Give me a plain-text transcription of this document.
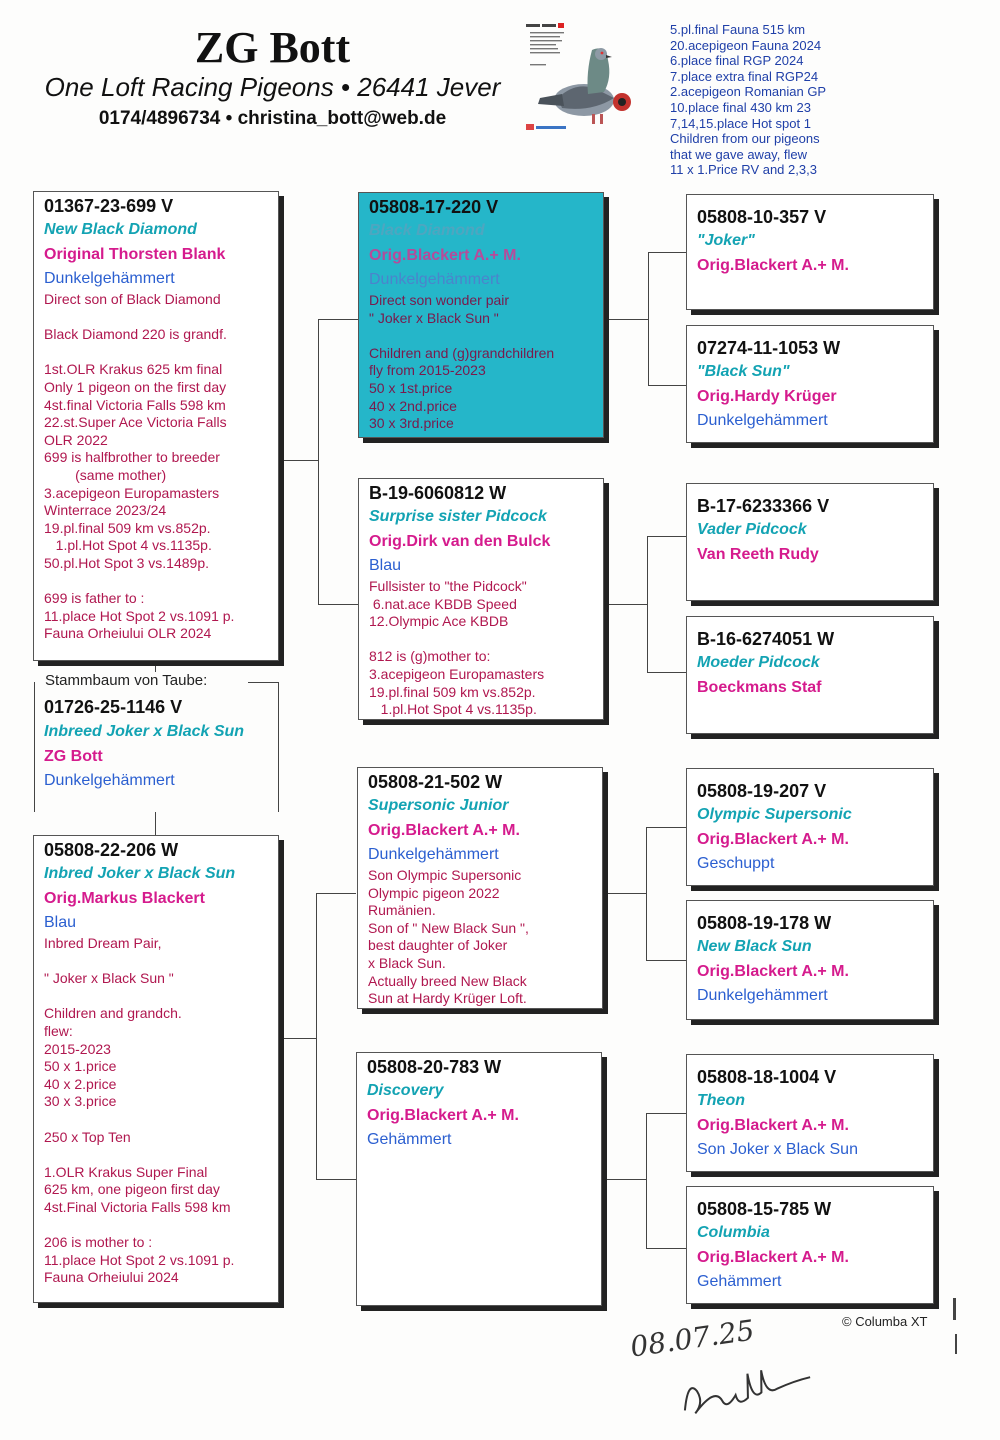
ZG Bott
One Loft Racing Pigeons • 26441 Jever
0174/4896734 • christina_bott@web.de
5.pl.final Fauna 515 km
20.acepigeon Fauna 2024
6.place final RGP 2024
7.place extra final RGP24
2.acepigeon Romanian GP
10.place final 430 km 23
7,14,15.place Hot spot 1
Children from our pigeons
that we gave away, flew
11 x 1.Price RV and 2,3,3
01367-23-699 V
New Black Diamond
Original Thorsten Blank
Dunkelgehämmert
Direct son of Black Diamond

Black Diamond 220 is grandf.

1st.OLR Krakus 625 km final
Only 1 pigeon on the first day
4st.final Victoria Falls 598 km
22.st.Super Ace Victoria Falls
OLR 2022
699 is halfbrother to breeder
(same mother)
3.acepigeon Europamasters
Winterrace 2023/24
19.pl.final 509 km vs.852p.
1.pl.Hot Spot 4 vs.1135p.
50.pl.Hot Spot 3 vs.1489p.

699 is father to :
11.place Hot Spot 2 vs.1091 p.
Fauna Orheiului OLR 2024
Stammbaum von Taube:
01726-25-1146 V
Inbreed Joker x Black Sun
ZG Bott
Dunkelgehämmert
05808-22-206 W
Inbred Joker x Black Sun
Orig.Markus Blackert
Blau
Inbred Dream Pair,

" Joker x Black Sun "

Children and grandch.
flew:
2015-2023
50 x 1.price
40 x 2.price
30 x 3.price

250 x Top Ten

1.OLR Krakus Super Final
625 km, one pigeon first day
4st.Final Victoria Falls 598 km

206 is mother to :
11.place Hot Spot 2 vs.1091 p.
Fauna Orheiului 2024
05808-17-220 V
Black Diamond
Orig.Blackert A.+ M.
Dunkelgehämmert
Direct son wonder pair
" Joker x Black Sun "

Children and (g)grandchildren
fly from 2015-2023
50 x 1st.price
40 x 2nd.price
30 x 3rd.price
B-19-6060812 W
Surprise sister Pidcock
Orig.Dirk van den Bulck
Blau
Fullsister to "the Pidcock"
6.nat.ace KBDB Speed
12.Olympic Ace KBDB

812 is (g)mother to:
3.acepigeon Europamasters
19.pl.final 509 km vs.852p.
1.pl.Hot Spot 4 vs.1135p.
05808-21-502 W
Supersonic Junior
Orig.Blackert A.+ M.
Dunkelgehämmert
Son Olympic Supersonic
Olympic pigeon 2022
Rumänien.
Son of " New Black Sun ",
best daughter of Joker
x Black Sun.
Actually breed New Black
Sun at Hardy Krüger Loft.
05808-20-783 W
Discovery
Orig.Blackert A.+ M.
Gehämmert
05808-10-357 V
"Joker"
Orig.Blackert A.+ M.
07274-11-1053 W
"Black Sun"
Orig.Hardy Krüger
Dunkelgehämmert
B-17-6233366 V
Vader Pidcock
Van Reeth Rudy
B-16-6274051 W
Moeder Pidcock
Boeckmans Staf
05808-19-207 V
Olympic Supersonic
Orig.Blackert A.+ M.
Geschuppt
05808-19-178 W
New Black Sun
Orig.Blackert A.+ M.
Dunkelgehämmert
05808-18-1004 V
Theon
Orig.Blackert A.+ M.
Son Joker x Black Sun
05808-15-785 W
Columbia
Orig.Blackert A.+ M.
Gehämmert
© Columba XT
08.07.25
